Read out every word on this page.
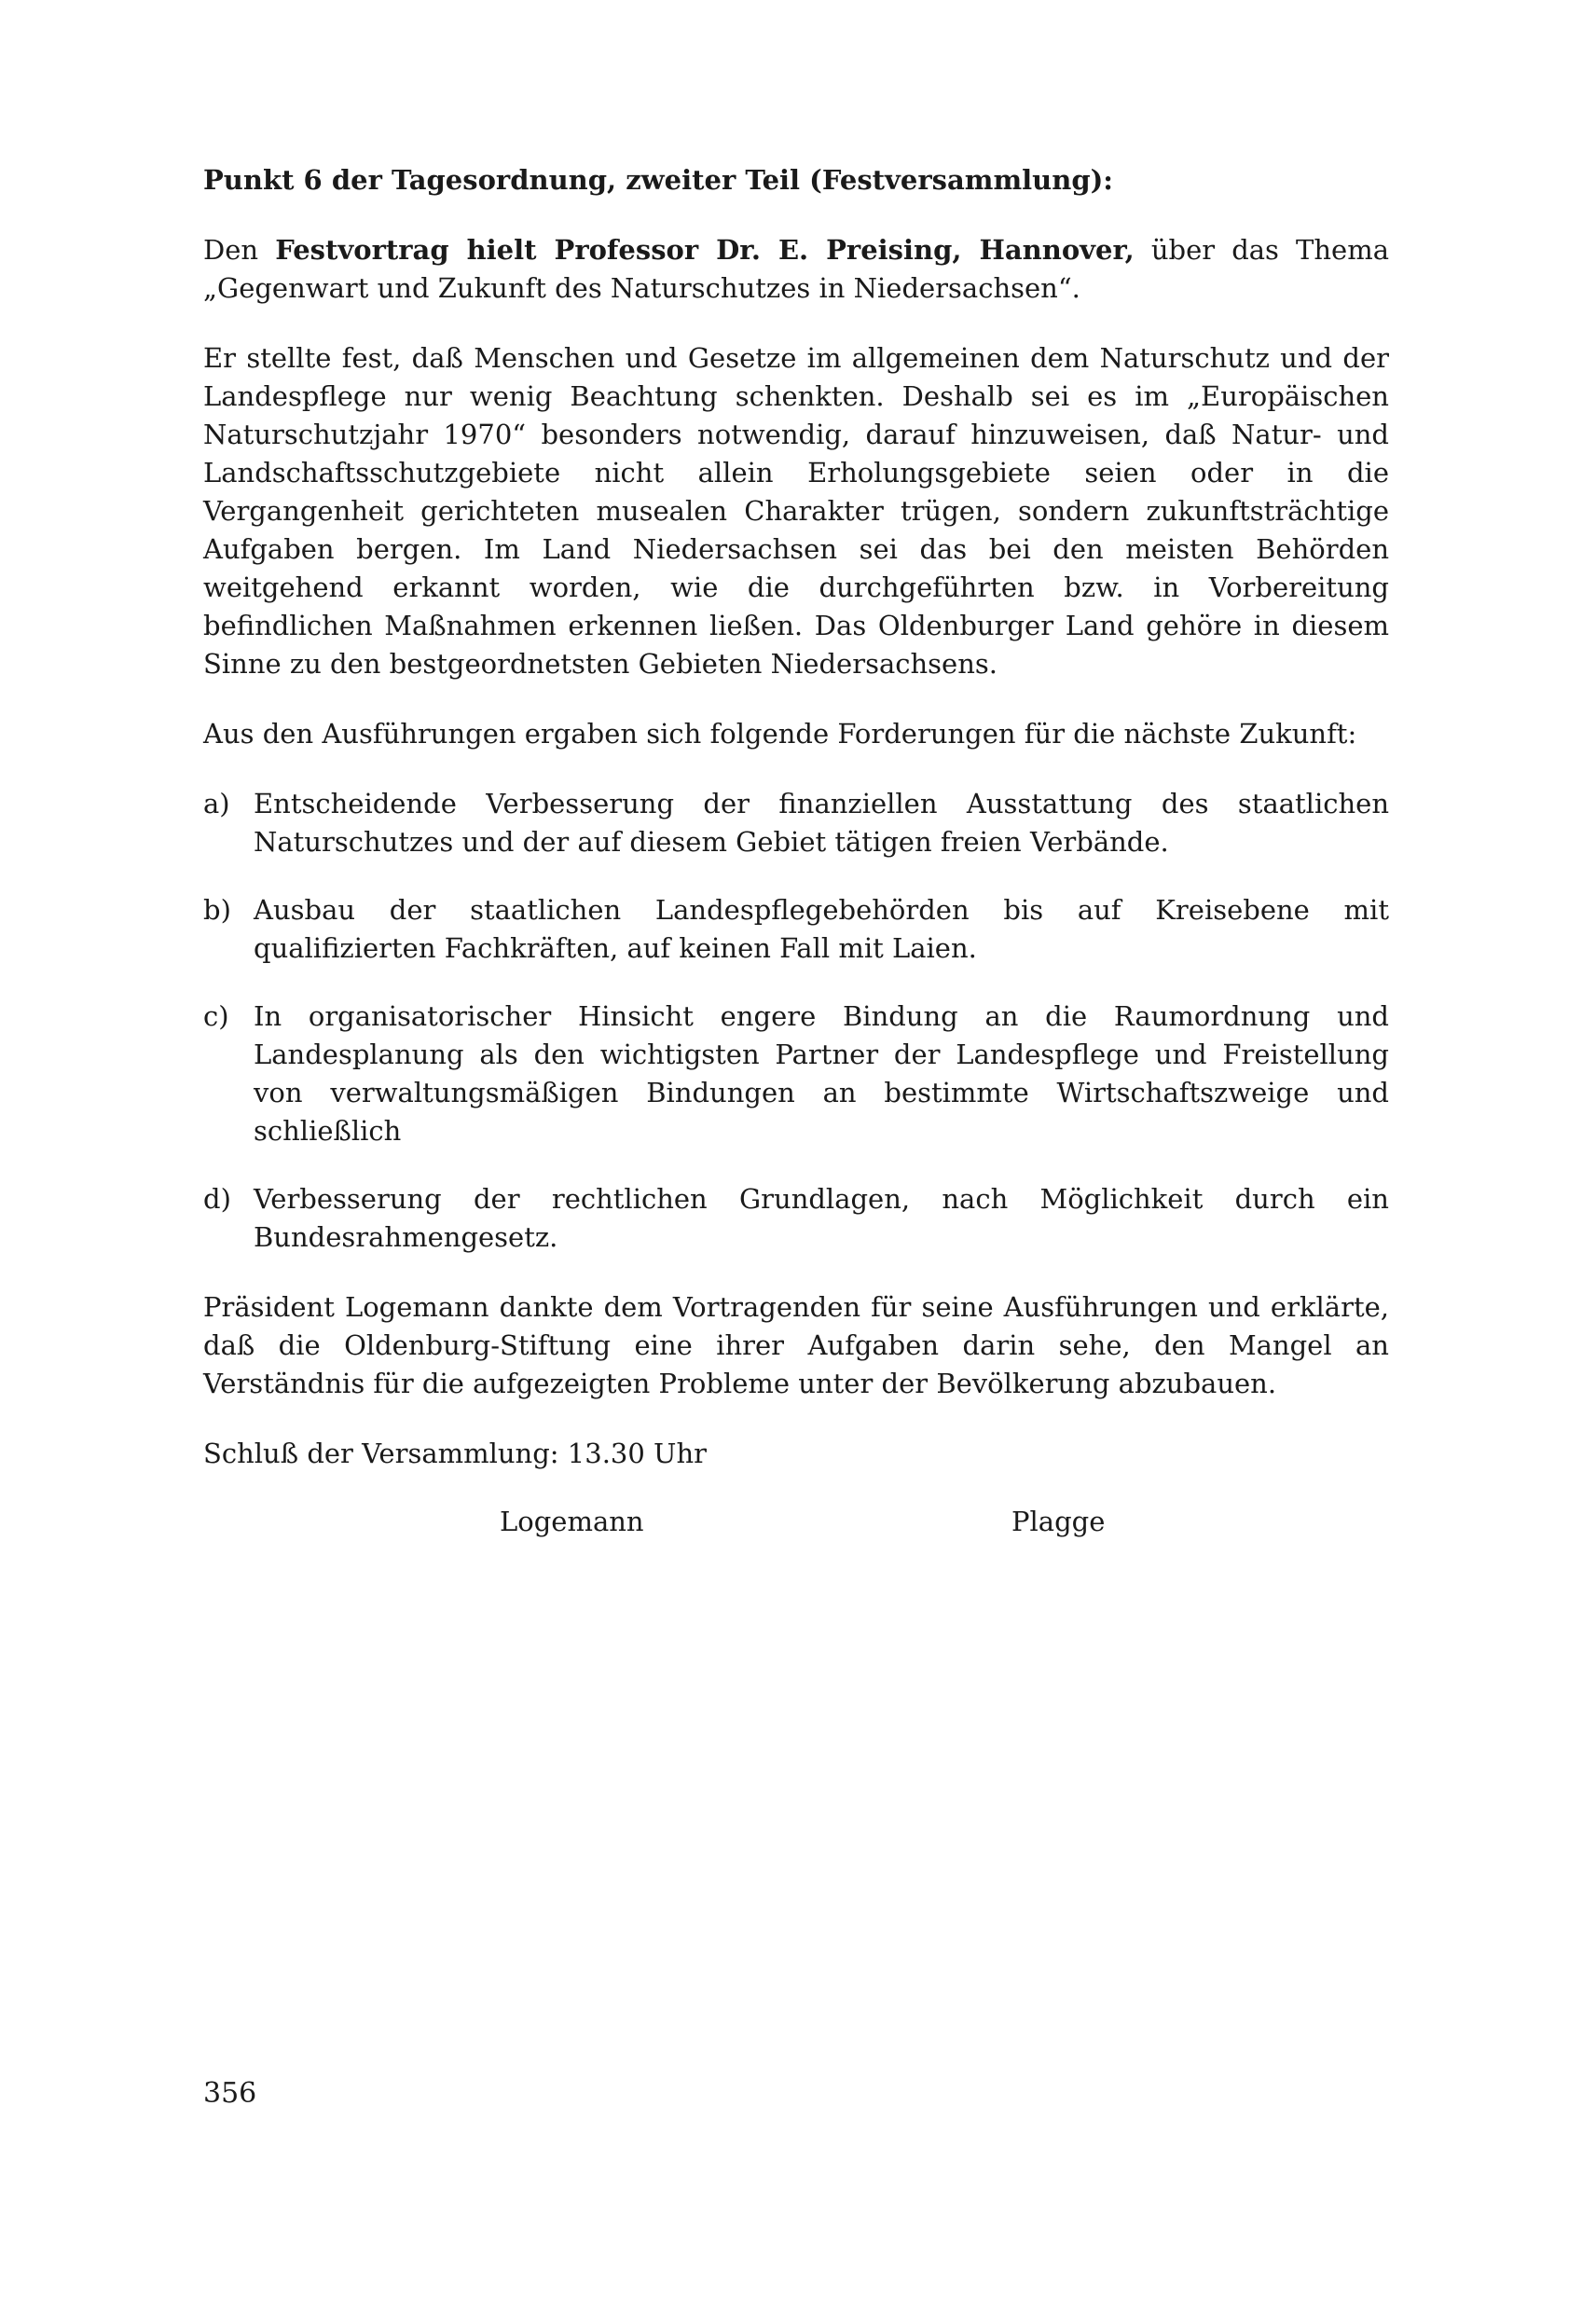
Punkt 6 der Tagesordnung, zweiter Teil (Festversammlung):

Den Festvortrag hielt Professor Dr. E. Preising, Hannover, über das Thema „Gegenwart und Zukunft des Naturschutzes in Niedersachsen“.

Er stellte fest, daß Menschen und Gesetze im allgemeinen dem Naturschutz und der Landespflege nur wenig Beachtung schenkten. Deshalb sei es im „Europäischen Naturschutzjahr 1970“ besonders notwendig, darauf hinzuweisen, daß Natur- und Landschaftsschutzgebiete nicht allein Erholungsgebiete seien oder in die Vergangenheit gerichteten musealen Charakter trügen, sondern zukunftsträchtige Aufgaben bergen. Im Land Niedersachsen sei das bei den meisten Behörden weitgehend erkannt worden, wie die durchgeführten bzw. in Vorbereitung befindlichen Maßnahmen erkennen ließen. Das Oldenburger Land gehöre in diesem Sinne zu den bestgeordnetsten Gebieten Niedersachsens.

Aus den Ausführungen ergaben sich folgende Forderungen für die nächste Zukunft:

a) Entscheidende Verbesserung der finanziellen Ausstattung des staatlichen Naturschutzes und der auf diesem Gebiet tätigen freien Verbände.
b) Ausbau der staatlichen Landespflegebehörden bis auf Kreisebene mit qualifizierten Fachkräften, auf keinen Fall mit Laien.
c) In organisatorischer Hinsicht engere Bindung an die Raumordnung und Landesplanung als den wichtigsten Partner der Landespflege und Freistellung von verwaltungsmäßigen Bindungen an bestimmte Wirtschaftszweige und schließlich
d) Verbesserung der rechtlichen Grundlagen, nach Möglichkeit durch ein Bundesrahmengesetz.

Präsident Logemann dankte dem Vortragenden für seine Ausführungen und erklärte, daß die Oldenburg-Stiftung eine ihrer Aufgaben darin sehe, den Mangel an Verständnis für die aufgezeigten Probleme unter der Bevölkerung abzubauen.

Schluß der Versammlung: 13.30 Uhr

Logemann	Plagge
356
